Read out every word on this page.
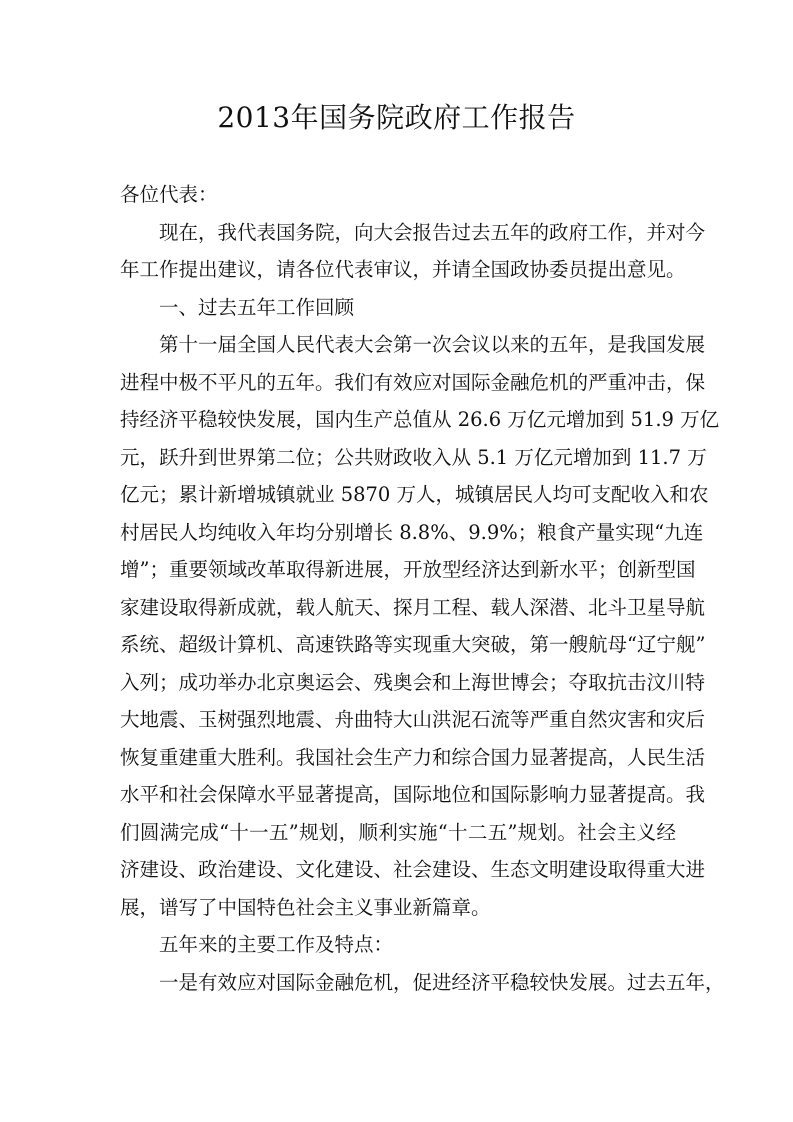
2013年国务院政府工作报告
各位代表：
现在，我代表国务院，向大会报告过去五年的政府工作，并对今
年工作提出建议，请各位代表审议，并请全国政协委员提出意见。
一、过去五年工作回顾
第十一届全国人民代表大会第一次会议以来的五年，是我国发展
进程中极不平凡的五年。我们有效应对国际金融危机的严重冲击，保
持经济平稳较快发展，国内生产总值从 26.6 万亿元增加到 51.9 万亿
元，跃升到世界第二位；公共财政收入从 5.1 万亿元增加到 11.7 万
亿元；累计新增城镇就业 5870 万人，城镇居民人均可支配收入和农
村居民人均纯收入年均分别增长 8.8%、9.9%；粮食产量实现“九连
增”；重要领域改革取得新进展，开放型经济达到新水平；创新型国
家建设取得新成就，载人航天、探月工程、载人深潜、北斗卫星导航
系统、超级计算机、高速铁路等实现重大突破，第一艘航母“辽宁舰”
入列；成功举办北京奥运会、残奥会和上海世博会；夺取抗击汶川特
大地震、玉树强烈地震、舟曲特大山洪泥石流等严重自然灾害和灾后
恢复重建重大胜利。我国社会生产力和综合国力显著提高，人民生活
水平和社会保障水平显著提高，国际地位和国际影响力显著提高。我
们圆满完成“十一五”规划，顺利实施“十二五”规划。社会主义经
济建设、政治建设、文化建设、社会建设、生态文明建设取得重大进
展，谱写了中国特色社会主义事业新篇章。
五年来的主要工作及特点：
一是有效应对国际金融危机，促进经济平稳较快发展。过去五年，
